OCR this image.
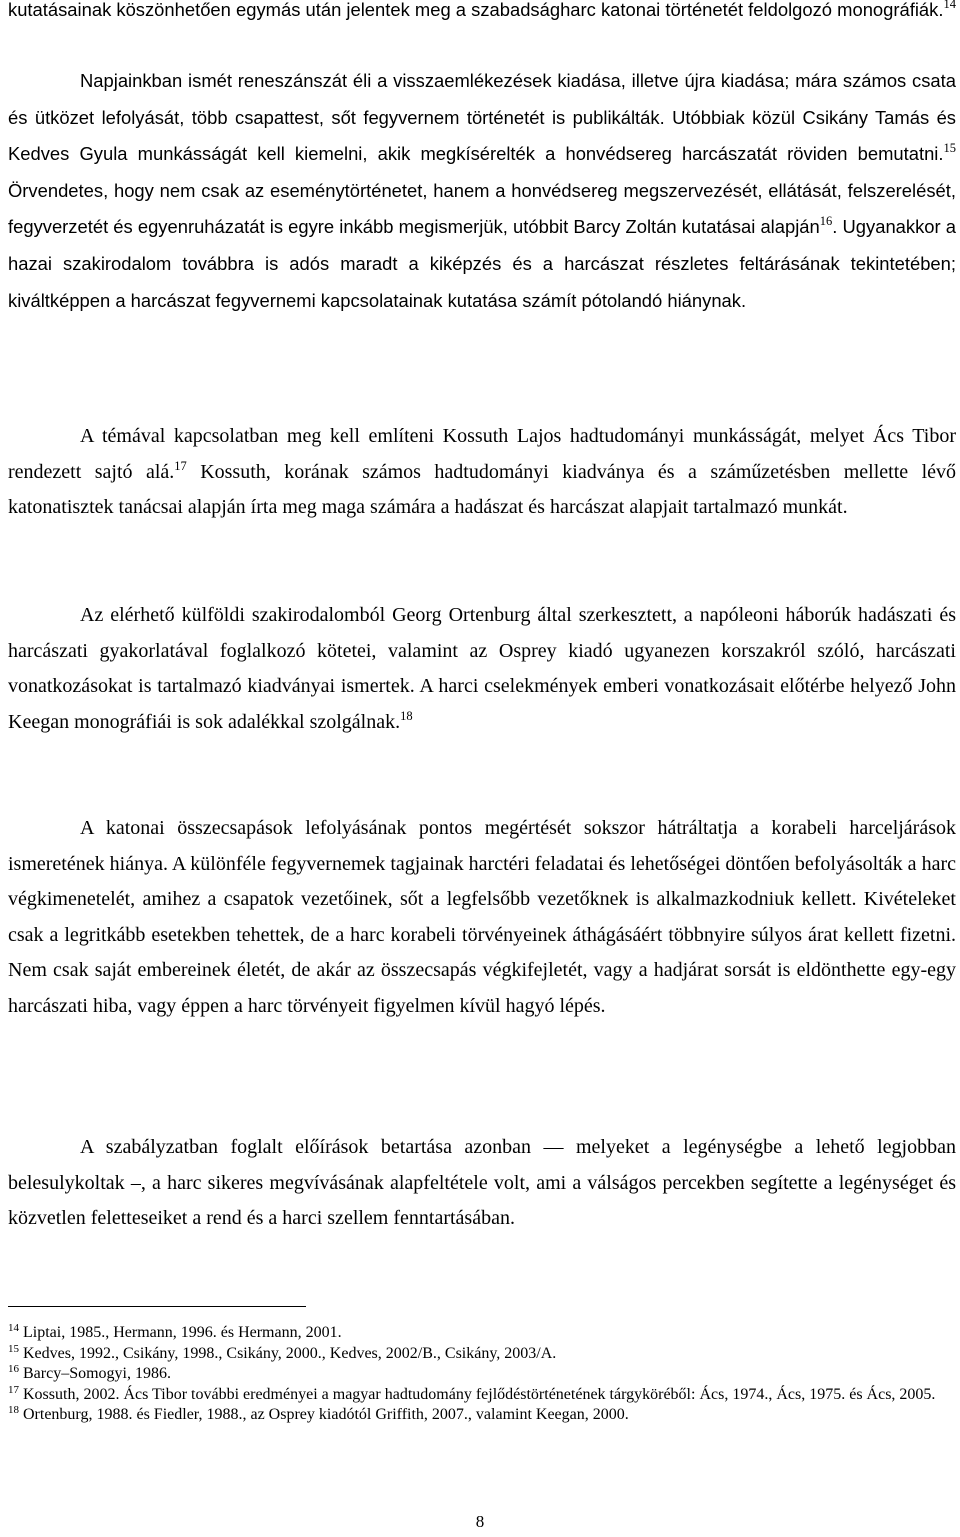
kutatásainak köszönhetően egymás után jelentek meg a szabadságharc katonai történetét feldolgozó monográfiák.$^{14}$

Napjainkban ismét reneszánszát éli a visszaemlékezések kiadása, illetve újra kiadása; mára számos csata és ütközet lefolyását, több csapattest, sőt fegyvernem történetét is publikálták. Utóbbiak közül Csikány Tamás és Kedves Gyula munkásságát kell kiemelni, akik megkísérelték a honvédsereg harcászatát röviden bemutatni.$^{15}$ Örvendetes, hogy nem csak az eseménytörténetet, hanem a honvédsereg megszervezését, ellátását, felszerelését, fegyverzetét és egyenruházatát is egyre inkább megismerjük, utóbbit Barcy Zoltán kutatásai alapján$^{16}$. Ugyanakkor a hazai szakirodalom továbbra is adós maradt a kiképzés és a harcászat részletes feltárásának tekintetében; kiváltképpen a harcászat fegyvernemi kapcsolatainak kutatása számít pótolandó hiánynak.

A témával kapcsolatban meg kell említeni Kossuth Lajos hadtudományi munkásságát, melyet Ács Tibor rendezett sajtó alá.$^{17}$ Kossuth, korának számos hadtudományi kiadványa és a száműzetésben mellette lévő katonatisztek tanácsai alapján írta meg maga számára a hadászat és harcászat alapjait tartalmazó munkát.

Az elérhető külföldi szakirodalomból Georg Ortenburg által szerkesztett, a napóleoni háborúk hadászati és harcászati gyakorlatával foglalkozó kötetei, valamint az Osprey kiadó ugyanezen korszakról szóló, harcászati vonatkozásokat is tartalmazó kiadványai ismertek. A harci cselekmények emberi vonatkozásait előtérbe helyező John Keegan monográfiái is sok adalékkal szolgálnak.$^{18}$

A katonai összecsapások lefolyásának pontos megértését sokszor hátráltatja a korabeli harceljárások ismeretének hiánya. A különféle fegyvernemek tagjainak harctéri feladatai és lehetőségei döntően befolyásolták a harc végkimenetelét, amihez a csapatok vezetőinek, sőt a legfelsőbb vezetőknek is alkalmazkodniuk kellett. Kivételeket csak a legritkább esetekben tehettek, de a harc korabeli törvényeinek áthágásáért többnyire súlyos árat kellett fizetni. Nem csak saját embereinek életét, de akár az összecsapás végkifejletét, vagy a hadjárat sorsát is eldönthette egy-egy harcászati hiba, vagy éppen a harc törvényeit figyelmen kívül hagyó lépés.

A szabályzatban foglalt előírások betartása azonban — melyeket a legénységbe a lehető legjobban belesulykoltak –, a harc sikeres megvívásának alapfeltétele volt, ami a válságos percekben segítette a legénységet és közvetlen feletteseiket a rend és a harci szellem fenntartásában.

$^{14}$ Liptai, 1985., Hermann, 1996. és Hermann, 2001.

$^{15}$ Kedves, 1992., Csikány, 1998., Csikány, 2000., Kedves, 2002/B., Csikány, 2003/A.

$^{16}$ Barcy–Somogyi, 1986.

$^{17}$ Kossuth, 2002. Ács Tibor további eredményei a magyar hadtudomány fejlődéstörténetének tárgyköréből: Ács, 1974., Ács, 1975. és Ács, 2005.

$^{18}$ Ortenburg, 1988. és Fiedler, 1988., az Osprey kiadótól Griffith, 2007., valamint Keegan, 2000.

8
